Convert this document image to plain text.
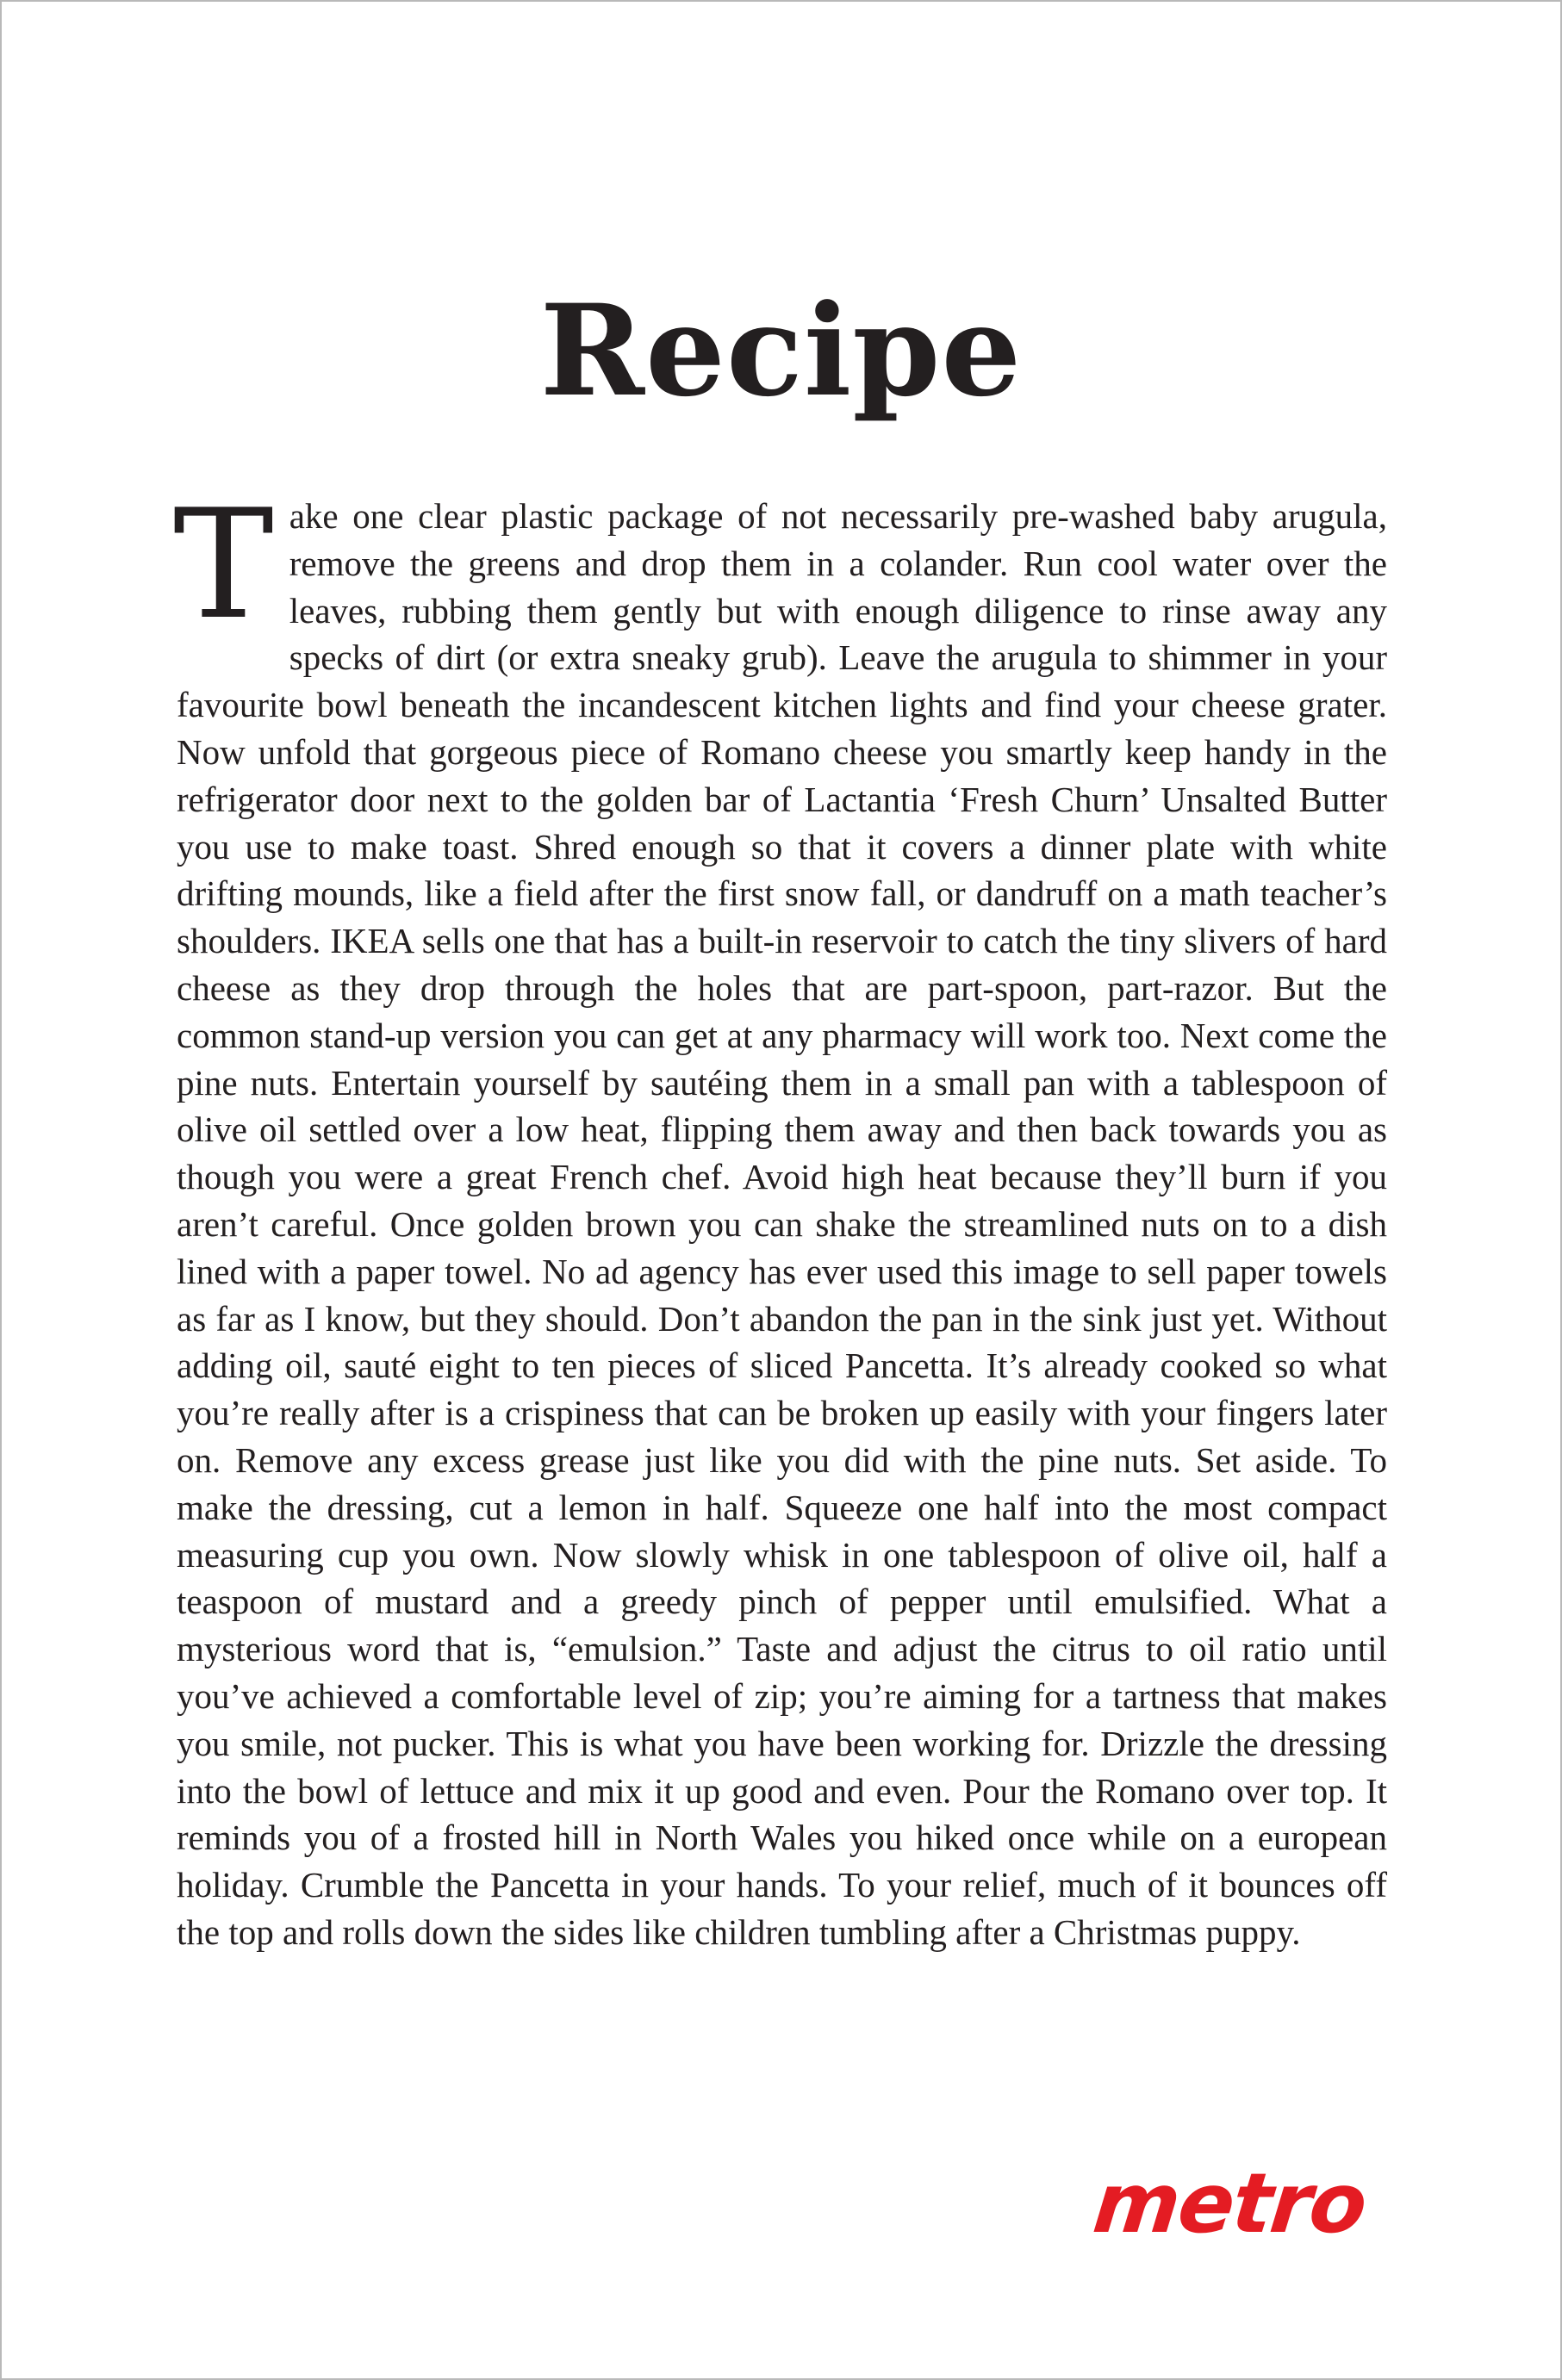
Recipe
Take one clear plastic package of not necessarily pre-washed baby arugula, remove the greens and drop them in a colander. Run cool water over the leaves, rubbing them gently but with enough diligence to rinse away any specks of dirt (or extra sneaky grub). Leave the arugula to shimmer in your favourite bowl beneath the incandescent kitchen lights and find your cheese grater. Now unfold that gorgeous piece of Romano cheese you smartly keep handy in the refrigerator door next to the golden bar of Lactantia ‘Fresh Churn’ Unsalted Butter you use to make toast. Shred enough so that it covers a dinner plate with white drifting mounds, like a field after the first snow fall, or dandruff on a math teacher’s shoulders. IKEA sells one that has a built-in reservoir to catch the tiny slivers of hard cheese as they drop through the holes that are part-spoon, part-razor. But the common stand-up version you can get at any pharmacy will work too. Next come the pine nuts. Entertain yourself by sautéing them in a small pan with a tablespoon of olive oil settled over a low heat, flipping them away and then back towards you as though you were a great French chef. Avoid high heat because they’ll burn if you aren’t careful. Once golden brown you can shake the streamlined nuts on to a dish lined with a paper towel. No ad agency has ever used this image to sell paper towels as far as I know, but they should. Don’t abandon the pan in the sink just yet. Without adding oil, sauté eight to ten pieces of sliced Pancetta. It’s already cooked so what you’re really after is a crispiness that can be broken up easily with your fingers later on. Remove any excess grease just like you did with the pine nuts. Set aside. To make the dressing, cut a lemon in half. Squeeze one half into the most compact measuring cup you own. Now slowly whisk in one tablespoon of olive oil, half a teaspoon of mustard and a greedy pinch of pepper until emulsified. What a mysterious word that is, “emulsion.” Taste and adjust the citrus to oil ratio until you’ve achieved a comfortable level of zip; you’re aiming for a tartness that makes you smile, not pucker. This is what you have been working for. Drizzle the dressing into the bowl of lettuce and mix it up good and even. Pour the Romano over top. It reminds you of a frosted hill in North Wales you hiked once while on a european holiday. Crumble the Pancetta in your hands. To your relief, much of it bounces off the top and rolls down the sides like children tumbling after a Christmas puppy.
metro
